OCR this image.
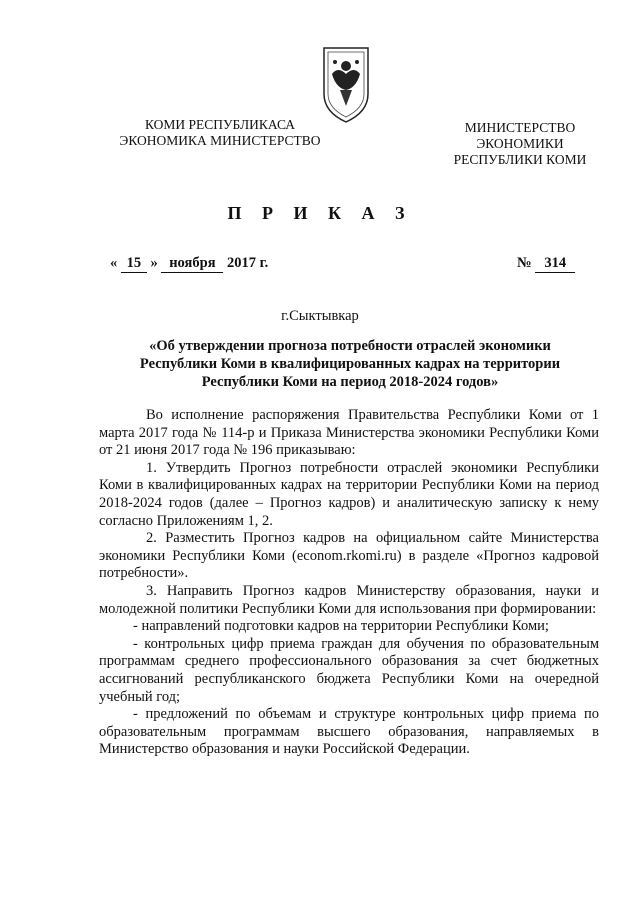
КОМИ РЕСПУБЛИКАСА
ЭКОНОМИКА МИНИСТЕРСТВО
МИНИСТЕРСТВО
ЭКОНОМИКИ
РЕСПУБЛИКИ КОМИ
П Р И К А З
« 15 » ноября 2017 г.	№ 314
г.Сыктывкар
«Об утверждении прогноза потребности отраслей экономики
Республики Коми в квалифицированных кадрах на территории
Республики Коми на период 2018-2024 годов»

Во исполнение распоряжения Правительства Республики Коми от 1 марта 2017 года № 114-р и Приказа Министерства экономики Республики Коми от 21 июня 2017 года № 196 приказываю:

1. Утвердить Прогноз потребности отраслей экономики Республики Коми в квалифицированных кадрах на территории Республики Коми на период 2018-2024 годов (далее – Прогноз кадров) и аналитическую записку к нему согласно Приложениям 1, 2.

2. Разместить Прогноз кадров на официальном сайте Министерства экономики Республики Коми (econom.rkomi.ru) в разделе «Прогноз кадровой потребности».

3. Направить Прогноз кадров Министерству образования, науки и молодежной политики Республики Коми для использования при формировании:

- направлений подготовки кадров на территории Республики Коми;

- контрольных цифр приема граждан для обучения по образовательным программам среднего профессионального образования за счет бюджетных ассигнований республиканского бюджета Республики Коми на очередной учебный год;

- предложений по объемам и структуре контрольных цифр приема по образовательным программам высшего образования, направляемых в Министерство образования и науки Российской Федерации.
